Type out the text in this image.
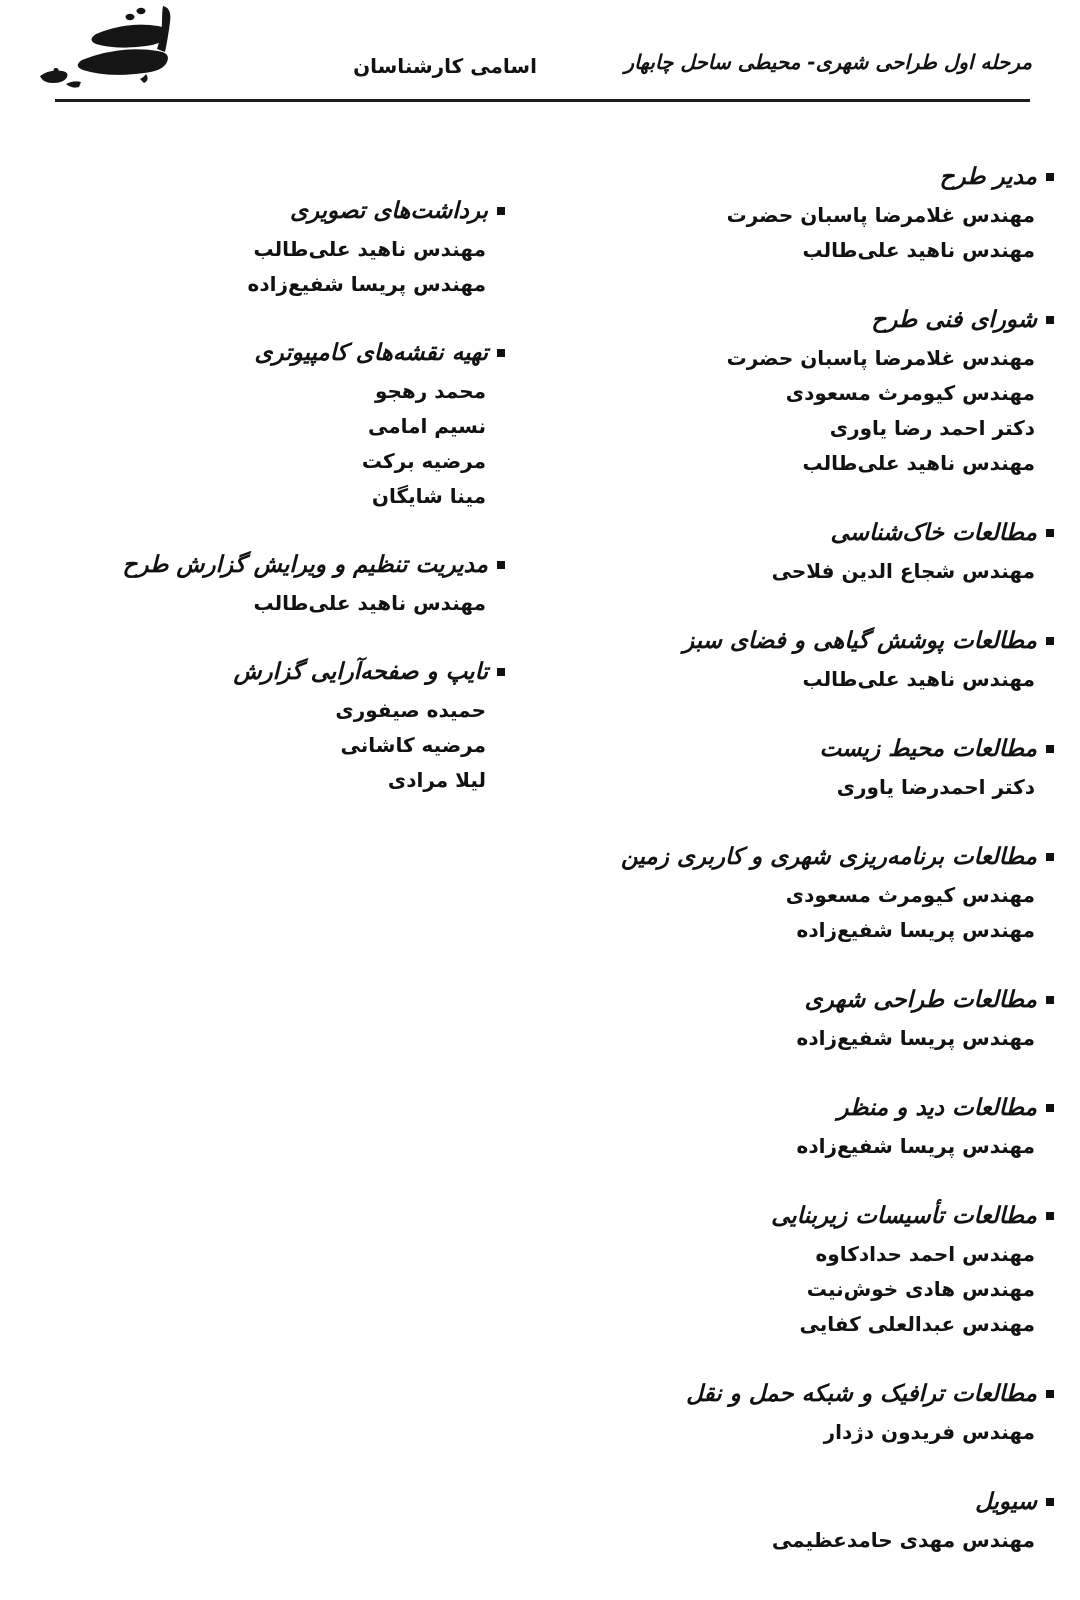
مرحله اول طراحی شهری- محیطی ساحل چابهار
اسامی کارشناسان
مدیر طرح
مهندس غلامرضا پاسبان حضرت
مهندس ناهید علی‌طالب
شورای فنی طرح
مهندس غلامرضا پاسبان حضرت
مهندس کیومرث مسعودی
دکتر احمد رضا یاوری
مهندس ناهید علی‌طالب
مطالعات خاک‌شناسی
مهندس شجاع الدین فلاحی
مطالعات پوشش گیاهی و فضای سبز
مهندس ناهید علی‌طالب
مطالعات محیط زیست
دکتر احمدرضا یاوری
مطالعات برنامه‌ریزی شهری و کاربری زمین
مهندس کیومرث مسعودی
مهندس پریسا شفیع‌زاده
مطالعات طراحی شهری
مهندس پریسا شفیع‌زاده
مطالعات دید و منظر
مهندس پریسا شفیع‌زاده
مطالعات تأسیسات زیربنایی
مهندس احمد حدادکاوه
مهندس هادی خوش‌نیت
مهندس عبدالعلی کفایی
مطالعات ترافیک و شبکه حمل و نقل
مهندس فریدون دژدار
سیویل
مهندس مهدی حامدعظیمی
برداشت‌های تصویری
مهندس ناهید علی‌طالب
مهندس پریسا شفیع‌زاده
تهیه نقشه‌های کامپیوتری
محمد رهجو
نسیم امامی
مرضیه برکت
مینا شایگان
مدیریت تنظیم و ویرایش گزارش طرح
مهندس ناهید علی‌طالب
تایپ و صفحه‌آرایی گزارش
حمیده صیفوری
مرضیه کاشانی
لیلا مرادی
